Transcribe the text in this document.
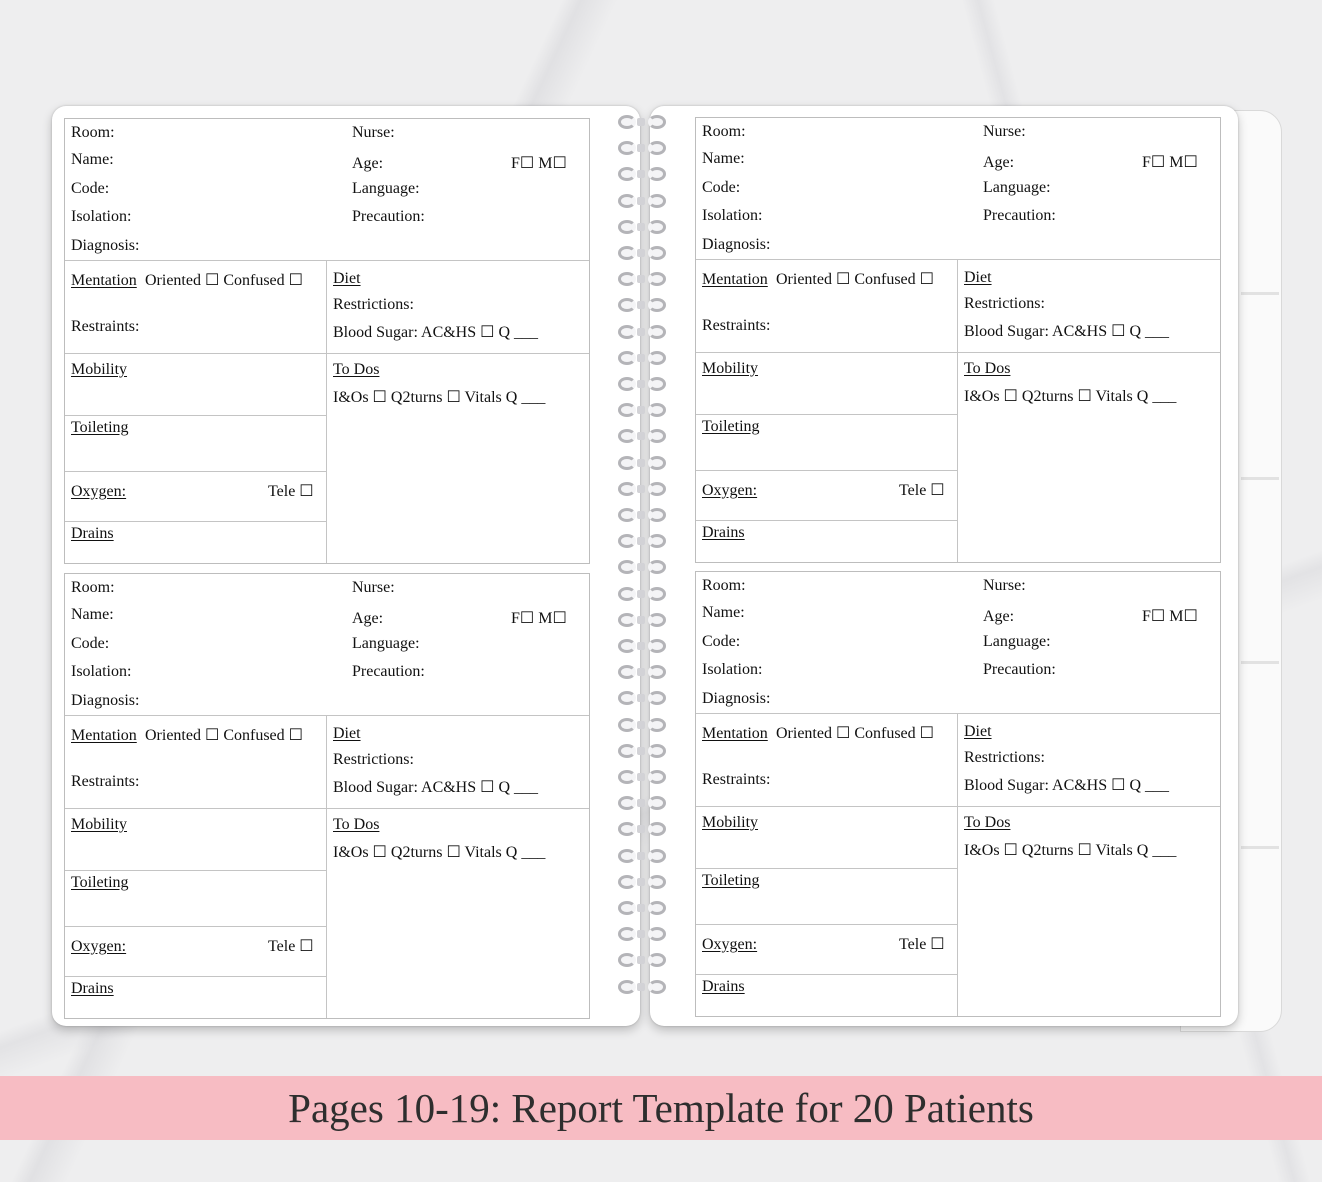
Room:	Nurse:
Name:	Age:	F☐ M☐
Code:	Language:
Isolation:	Precaution:
Diagnosis:
Mentation Oriented ☐ Confused ☐
Restraints:
Diet
Restrictions:
Blood Sugar: AC&HS ☐ Q ___
Mobility	To Dos
I&Os ☐ Q2turns ☐ Vitals Q ___
Toileting
Oxygen:	Tele ☐
Drains
Room:	Nurse:
Name:	Age:	F☐ M☐
Code:	Language:
Isolation:	Precaution:
Diagnosis:
Mentation Oriented ☐ Confused ☐
Restraints:
Diet
Restrictions:
Blood Sugar: AC&HS ☐ Q ___
Mobility	To Dos
I&Os ☐ Q2turns ☐ Vitals Q ___
Toileting
Oxygen:	Tele ☐
Drains
Room:	Nurse:
Name:	Age:	F☐ M☐
Code:	Language:
Isolation:	Precaution:
Diagnosis:
Mentation Oriented ☐ Confused ☐
Restraints:
Diet
Restrictions:
Blood Sugar: AC&HS ☐ Q ___
Mobility	To Dos
I&Os ☐ Q2turns ☐ Vitals Q ___
Toileting
Oxygen:	Tele ☐
Drains
Room:	Nurse:
Name:	Age:	F☐ M☐
Code:	Language:
Isolation:	Precaution:
Diagnosis:
Mentation Oriented ☐ Confused ☐
Restraints:
Diet
Restrictions:
Blood Sugar: AC&HS ☐ Q ___
Mobility	To Dos
I&Os ☐ Q2turns ☐ Vitals Q ___
Toileting
Oxygen:	Tele ☐
Drains
Pages 10-19: Report Template for 20 Patients
